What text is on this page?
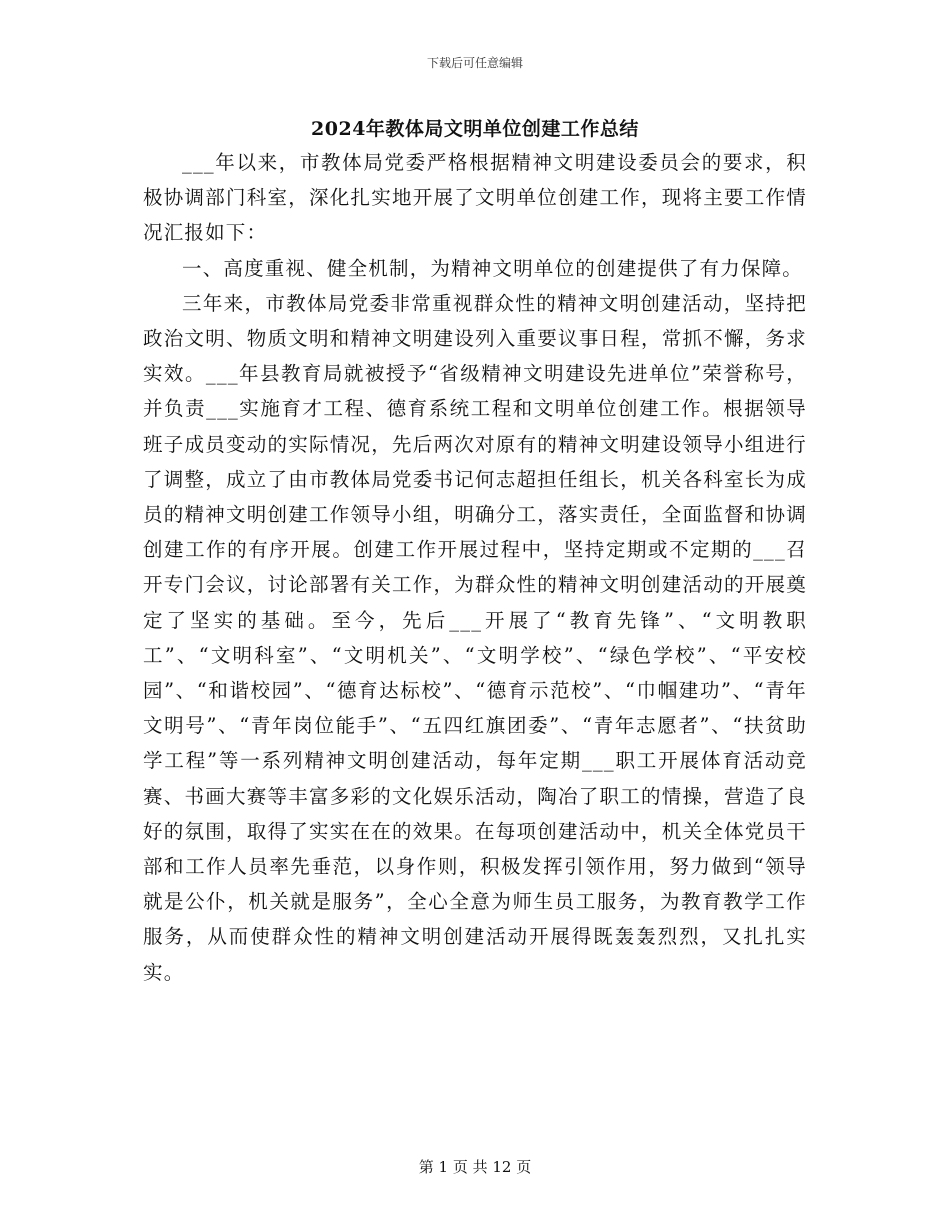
下载后可任意编辑
2024年教体局文明单位创建工作总结

___年以来，市教体局党委严格根据精神文明建设委员会的要求，积极协调部门科室，深化扎实地开展了文明单位创建工作，现将主要工作情况汇报如下：

一、高度重视、健全机制，为精神文明单位的创建提供了有力保障。

三年来，市教体局党委非常重视群众性的精神文明创建活动，坚持把政治文明、物质文明和精神文明建设列入重要议事日程，常抓不懈，务求实效。___年县教育局就被授予“省级精神文明建设先进单位”荣誉称号，并负责___实施育才工程、德育系统工程和文明单位创建工作。根据领导班子成员变动的实际情况，先后两次对原有的精神文明建设领导小组进行了调整，成立了由市教体局党委书记何志超担任组长，机关各科室长为成员的精神文明创建工作领导小组，明确分工，落实责任，全面监督和协调创建工作的有序开展。创建工作开展过程中，坚持定期或不定期的___召开专门会议，讨论部署有关工作，为群众性的精神文明创建活动的开展奠定了坚实的基础。至今，先后___开展了“教育先锋”、“文明教职工”、“文明科室”、“文明机关”、“文明学校”、“绿色学校”、“平安校园”、“和谐校园”、“德育达标校”、“德育示范校”、“巾帼建功”、“青年文明号”、“青年岗位能手”、“五四红旗团委”、“青年志愿者”、“扶贫助学工程”等一系列精神文明创建活动，每年定期___职工开展体育活动竞赛、书画大赛等丰富多彩的文化娱乐活动，陶冶了职工的情操，营造了良好的氛围，取得了实实在在的效果。在每项创建活动中，机关全体党员干部和工作人员率先垂范，以身作则，积极发挥引领作用，努力做到“领导就是公仆，机关就是服务”，全心全意为师生员工服务，为教育教学工作服务，从而使群众性的精神文明创建活动开展得既轰轰烈烈，又扎扎实实。

第 1 页 共 12 页
